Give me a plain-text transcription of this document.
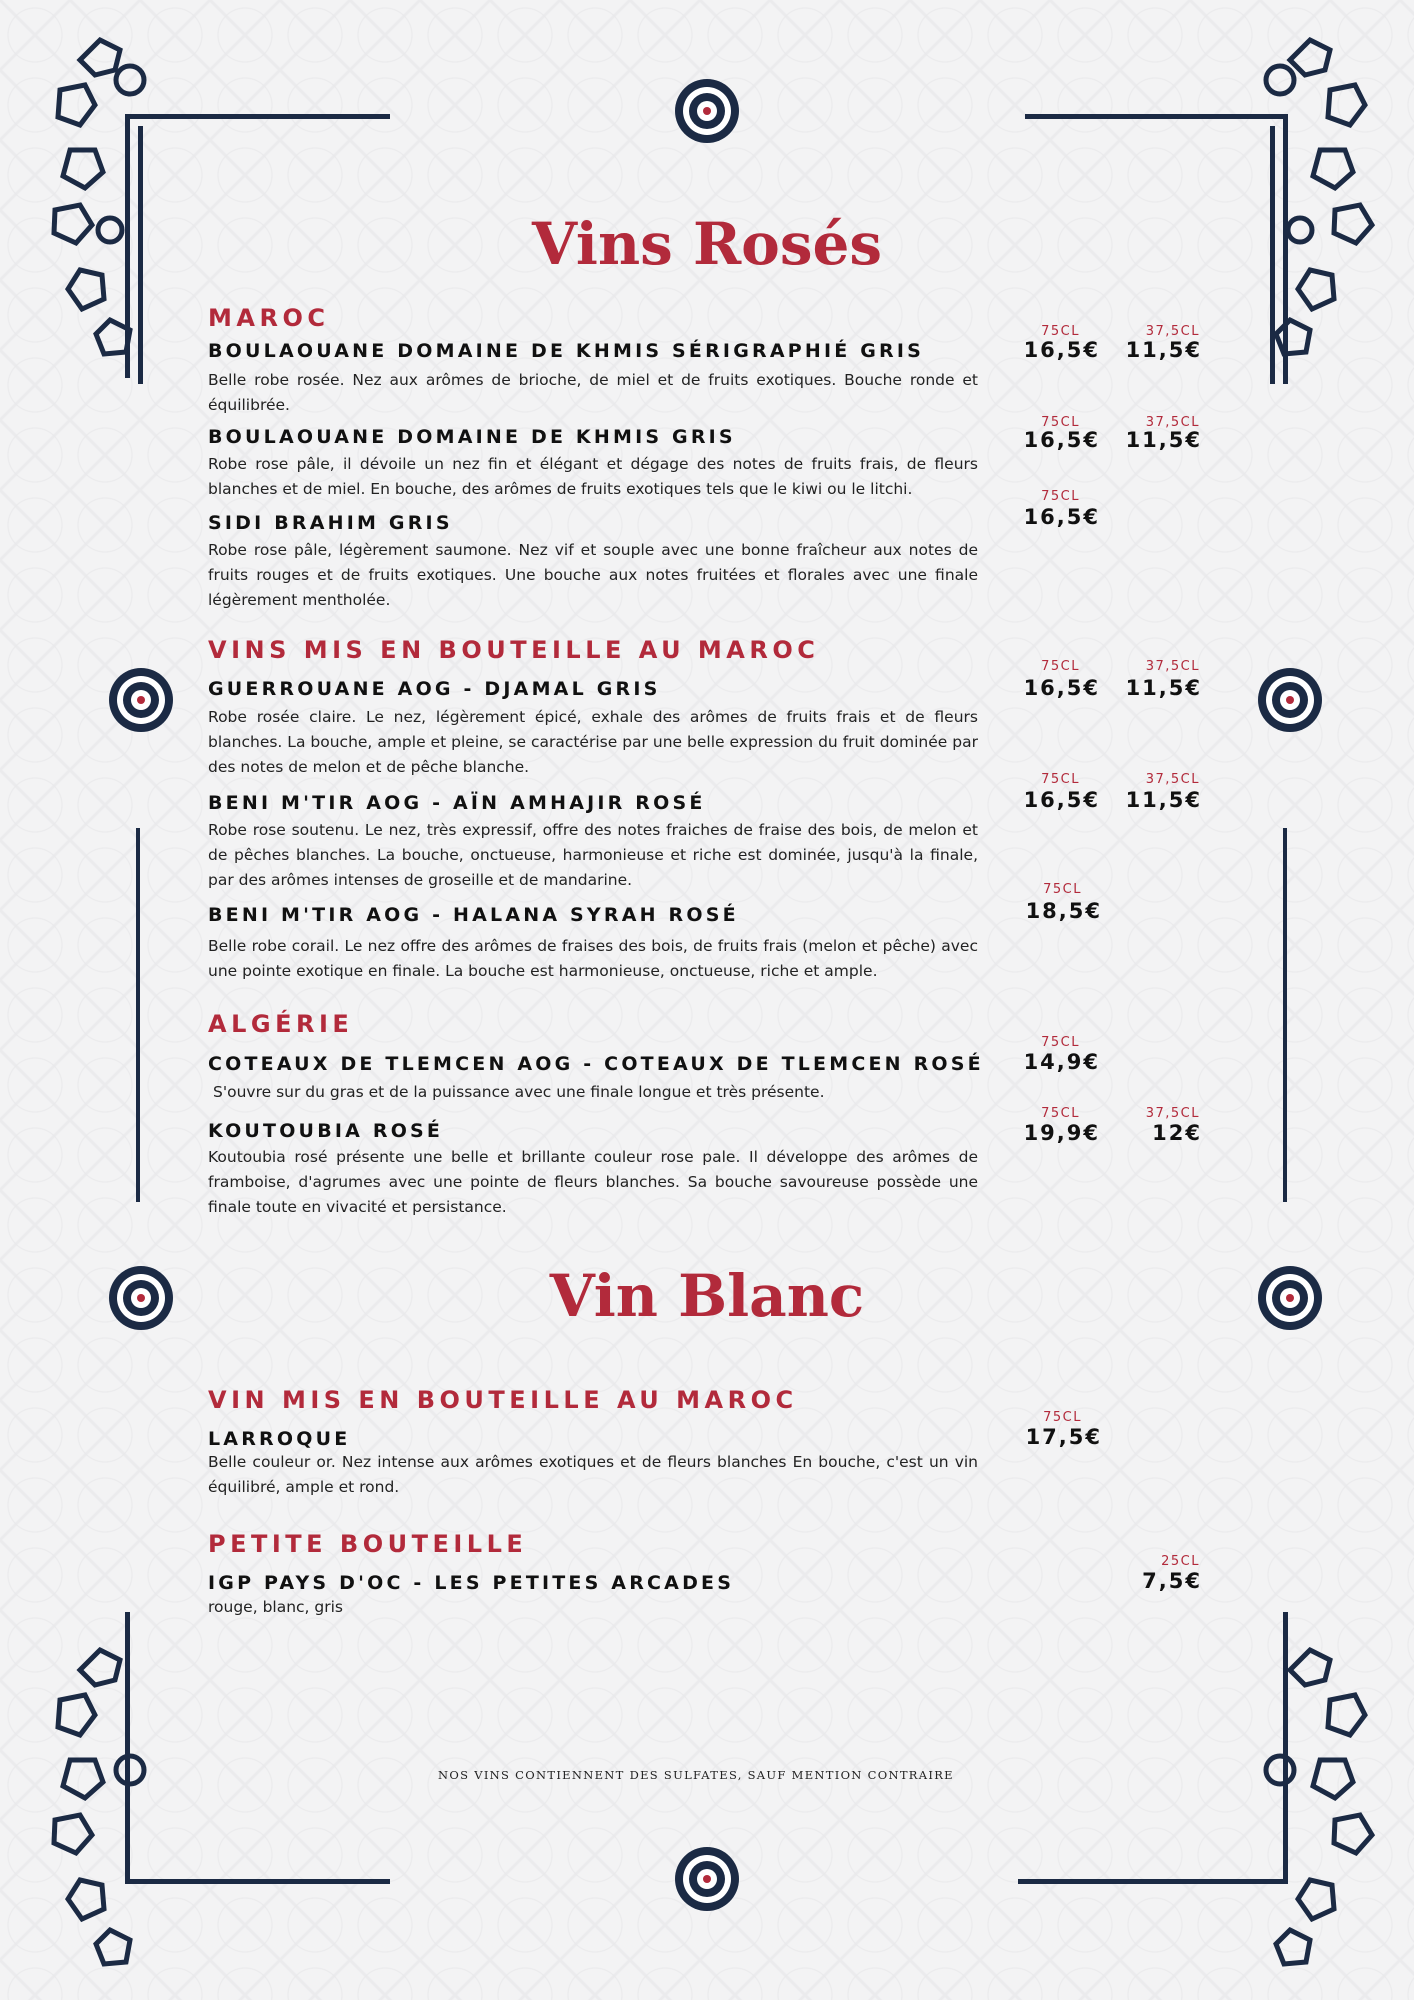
Vins Rosés
Vin Blanc
MAROC
VINS MIS EN BOUTEILLE AU MAROC
ALGÉRIE
VIN MIS EN BOUTEILLE AU MAROC
PETITE BOUTEILLE
BOULAOUANE DOMAINE DE KHMIS SÉRIGRAPHIÉ GRIS
Belle robe rosée. Nez aux arômes de brioche, de miel et de fruits exotiques. Bouche ronde et équilibrée.
75CL	37,5CL
16,5€	11,5€
BOULAOUANE DOMAINE DE KHMIS GRIS
Robe rose pâle, il dévoile un nez fin et élégant et dégage des notes de fruits frais, de fleurs blanches et de miel. En bouche, des arômes de fruits exotiques tels que le kiwi ou le litchi.
75CL	37,5CL
16,5€	11,5€
SIDI BRAHIM GRIS
Robe rose pâle, légèrement saumone. Nez vif et souple avec une bonne fraîcheur aux notes de fruits rouges et de fruits exotiques. Une bouche aux notes fruitées et florales avec une finale légèrement mentholée.
75CL
16,5€
GUERROUANE AOG - DJAMAL GRIS
Robe rosée claire. Le nez, légèrement épicé, exhale des arômes de fruits frais et de fleurs blanches. La bouche, ample et pleine, se caractérise par une belle expression du fruit dominée par des notes de melon et de pêche blanche.
75CL	37,5CL
16,5€	11,5€
BENI M'TIR AOG - AÏN AMHAJIR ROSÉ
Robe rose soutenu. Le nez, très expressif, offre des notes fraiches de fraise des bois, de melon et de pêches blanches. La bouche, onctueuse, harmonieuse et riche est dominée, jusqu'à la finale, par des arômes intenses de groseille et de mandarine.
75CL	37,5CL
16,5€	11,5€
BENI M'TIR AOG - HALANA SYRAH ROSÉ
Belle robe corail. Le nez offre des arômes de fraises des bois, de fruits frais (melon et pêche) avec une pointe exotique en finale. La bouche est harmonieuse, onctueuse, riche et ample.
75CL
18,5€
COTEAUX DE TLEMCEN AOG - COTEAUX DE TLEMCEN ROSÉ
S'ouvre sur du gras et de la puissance avec une finale longue et très présente.
75CL
14,9€
KOUTOUBIA ROSÉ
Koutoubia rosé présente une belle et brillante couleur rose pale. Il développe des arômes de framboise, d'agrumes avec une pointe de fleurs blanches. Sa bouche savoureuse possède une finale toute en vivacité et persistance.
75CL	37,5CL
19,9€	12€
LARROQUE
Belle couleur or. Nez intense aux arômes exotiques et de fleurs blanches En bouche, c'est un vin équilibré, ample et rond.
75CL
17,5€
IGP PAYS D'OC - LES PETITES ARCADES
rouge, blanc, gris
25CL
7,5€
NOS VINS CONTIENNENT DES SULFATES, SAUF MENTION CONTRAIRE
